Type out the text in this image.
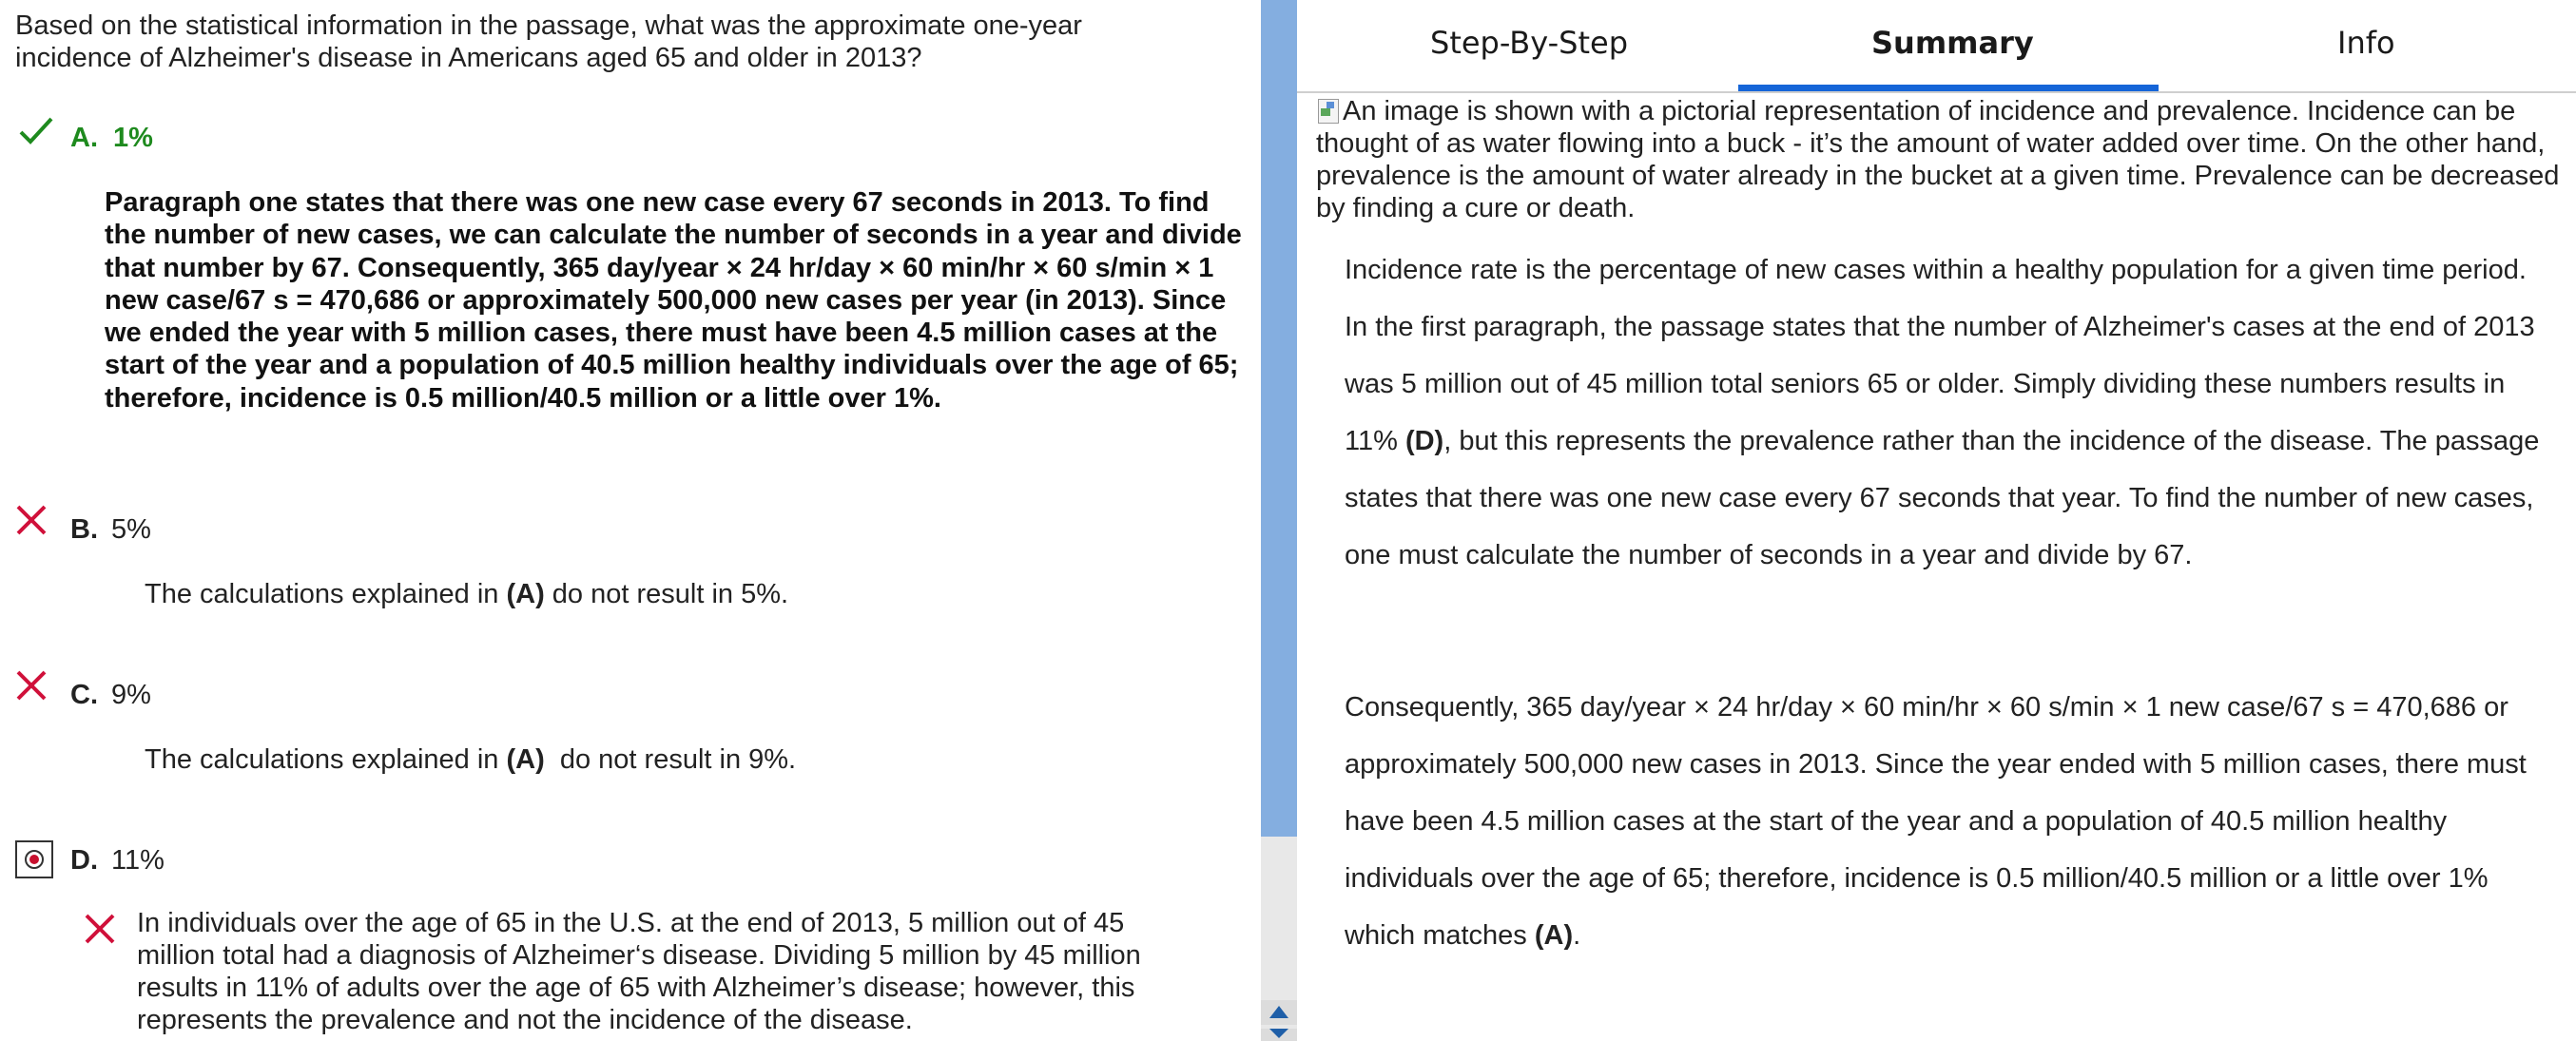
Based on the statistical information in the passage, what was the approximate one-year incidence of Alzheimer's disease in Americans aged 65 and older in 2013?
A. 1%
Paragraph one states that there was one new case every 67 seconds in 2013. To find the number of new cases, we can calculate the number of seconds in a year and divide that number by 67. Consequently, 365 day/year × 24 hr/day × 60 min/hr × 60 s/min × 1 new case/67 s = 470,686 or approximately 500,000 new cases per year (in 2013). Since we ended the year with 5 million cases, there must have been 4.5 million cases at the start of the year and a population of 40.5 million healthy individuals over the age of 65; therefore, incidence is 0.5 million/40.5 million or a little over 1%.
B. 5%
The calculations explained in (A) do not result in 5%.
C. 9%
The calculations explained in (A)  do not result in 9%.
D. 11%
In individuals over the age of 65 in the U.S. at the end of 2013, 5 million out of 45 million total had a diagnosis of Alzheimer‘s disease. Dividing 5 million by 45 million results in 11% of adults over the age of 65 with Alzheimer’s disease; however, this represents the prevalence and not the incidence of the disease.
Step-By-Step	Summary	Info
An image is shown with a pictorial representation of incidence and prevalence. Incidence can be thought of as water flowing into a buck - it’s the amount of water added over time. On the other hand, prevalence is the amount of water already in the bucket at a given time. Prevalence can be decreased by finding a cure or death.
Incidence rate is the percentage of new cases within a healthy population for a given time period. In the first paragraph, the passage states that the number of Alzheimer's cases at the end of 2013 was 5 million out of 45 million total seniors 65 or older. Simply dividing these numbers results in 11% (D), but this represents the prevalence rather than the incidence of the disease. The passage states that there was one new case every 67 seconds that year. To find the number of new cases, one must calculate the number of seconds in a year and divide by 67.
Consequently, 365 day/year × 24 hr/day × 60 min/hr × 60 s/min × 1 new case/67 s = 470,686 or approximately 500,000 new cases in 2013. Since the year ended with 5 million cases, there must have been 4.5 million cases at the start of the year and a population of 40.5 million healthy individuals over the age of 65; therefore, incidence is 0.5 million/40.5 million or a little over 1% which matches (A).
